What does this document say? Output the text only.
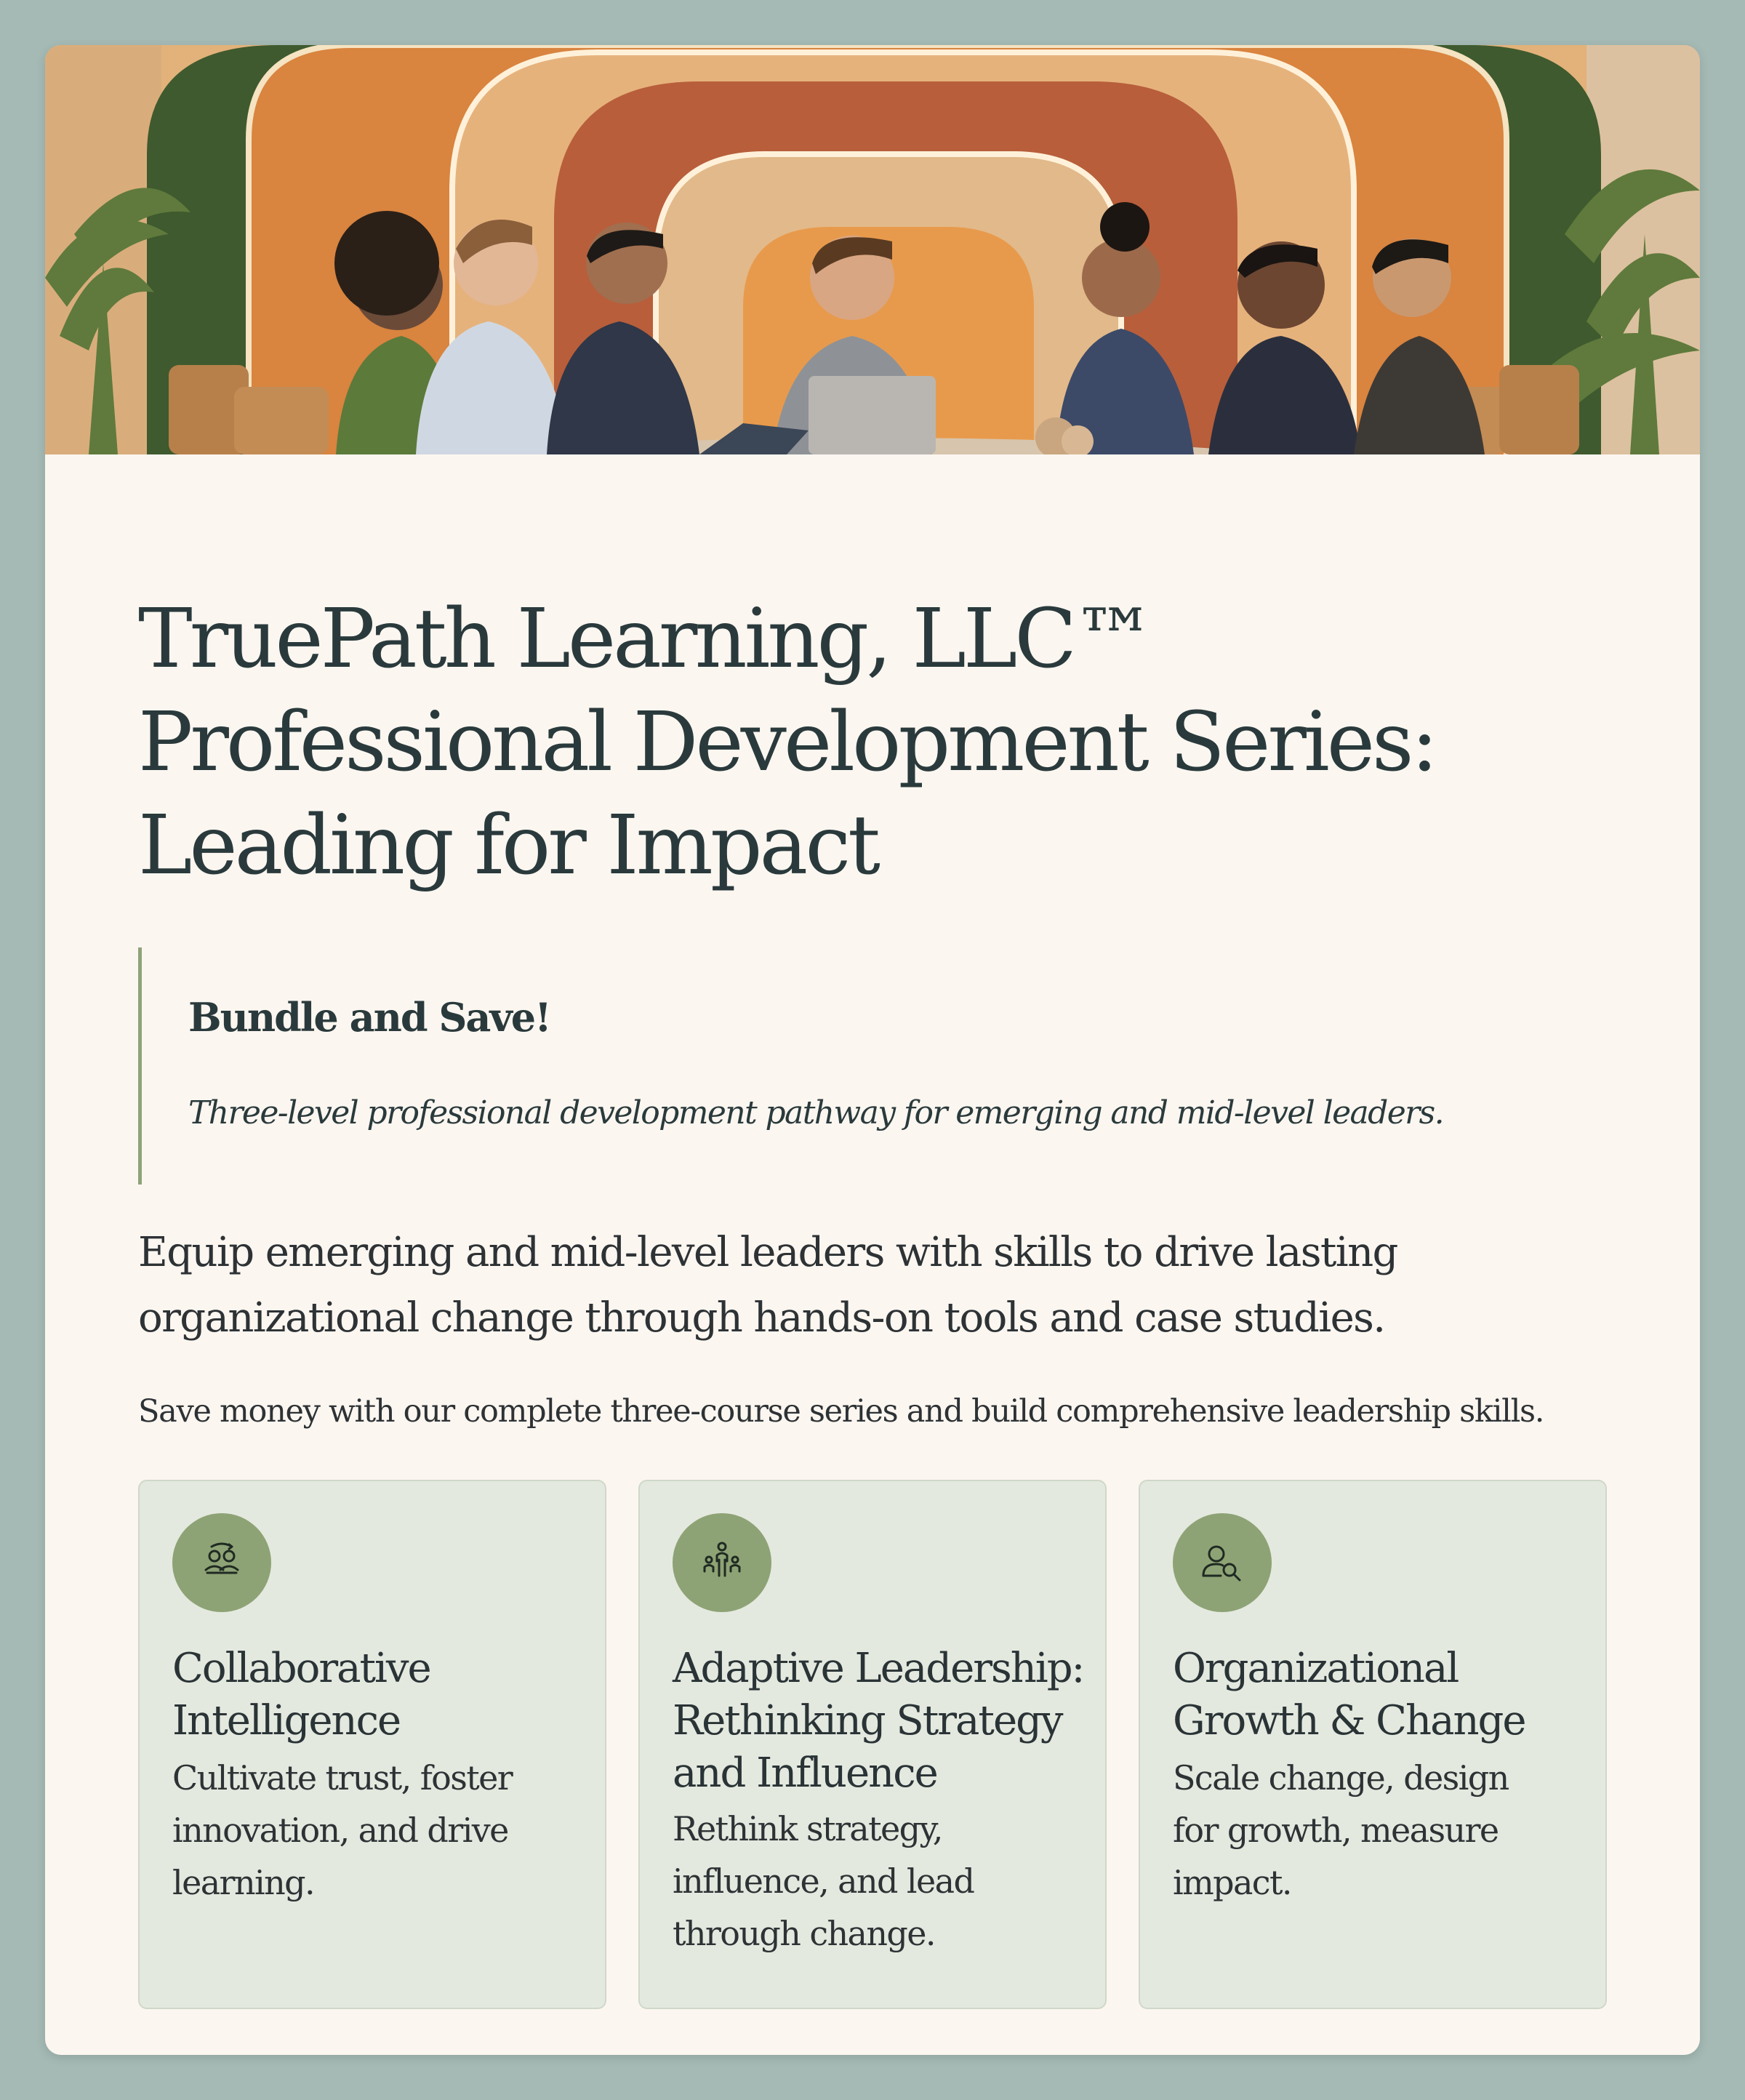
TruePath Learning, LLC™ Professional Development Series: Leading for Impact
Bundle and Save!
Three-level professional development pathway for emerging and mid-level leaders.

Equip emerging and mid-level leaders with skills to drive lasting organizational change through hands-on tools and case studies.

Save money with our complete three-course series and build comprehensive leadership skills.

Collaborative Intelligence

Cultivate trust, foster innovation, and drive learning.

Adaptive Leadership: Rethinking Strategy and Influence

Rethink strategy, influence, and lead through change.

Organizational Growth & Change

Scale change, design for growth, measure impact.
